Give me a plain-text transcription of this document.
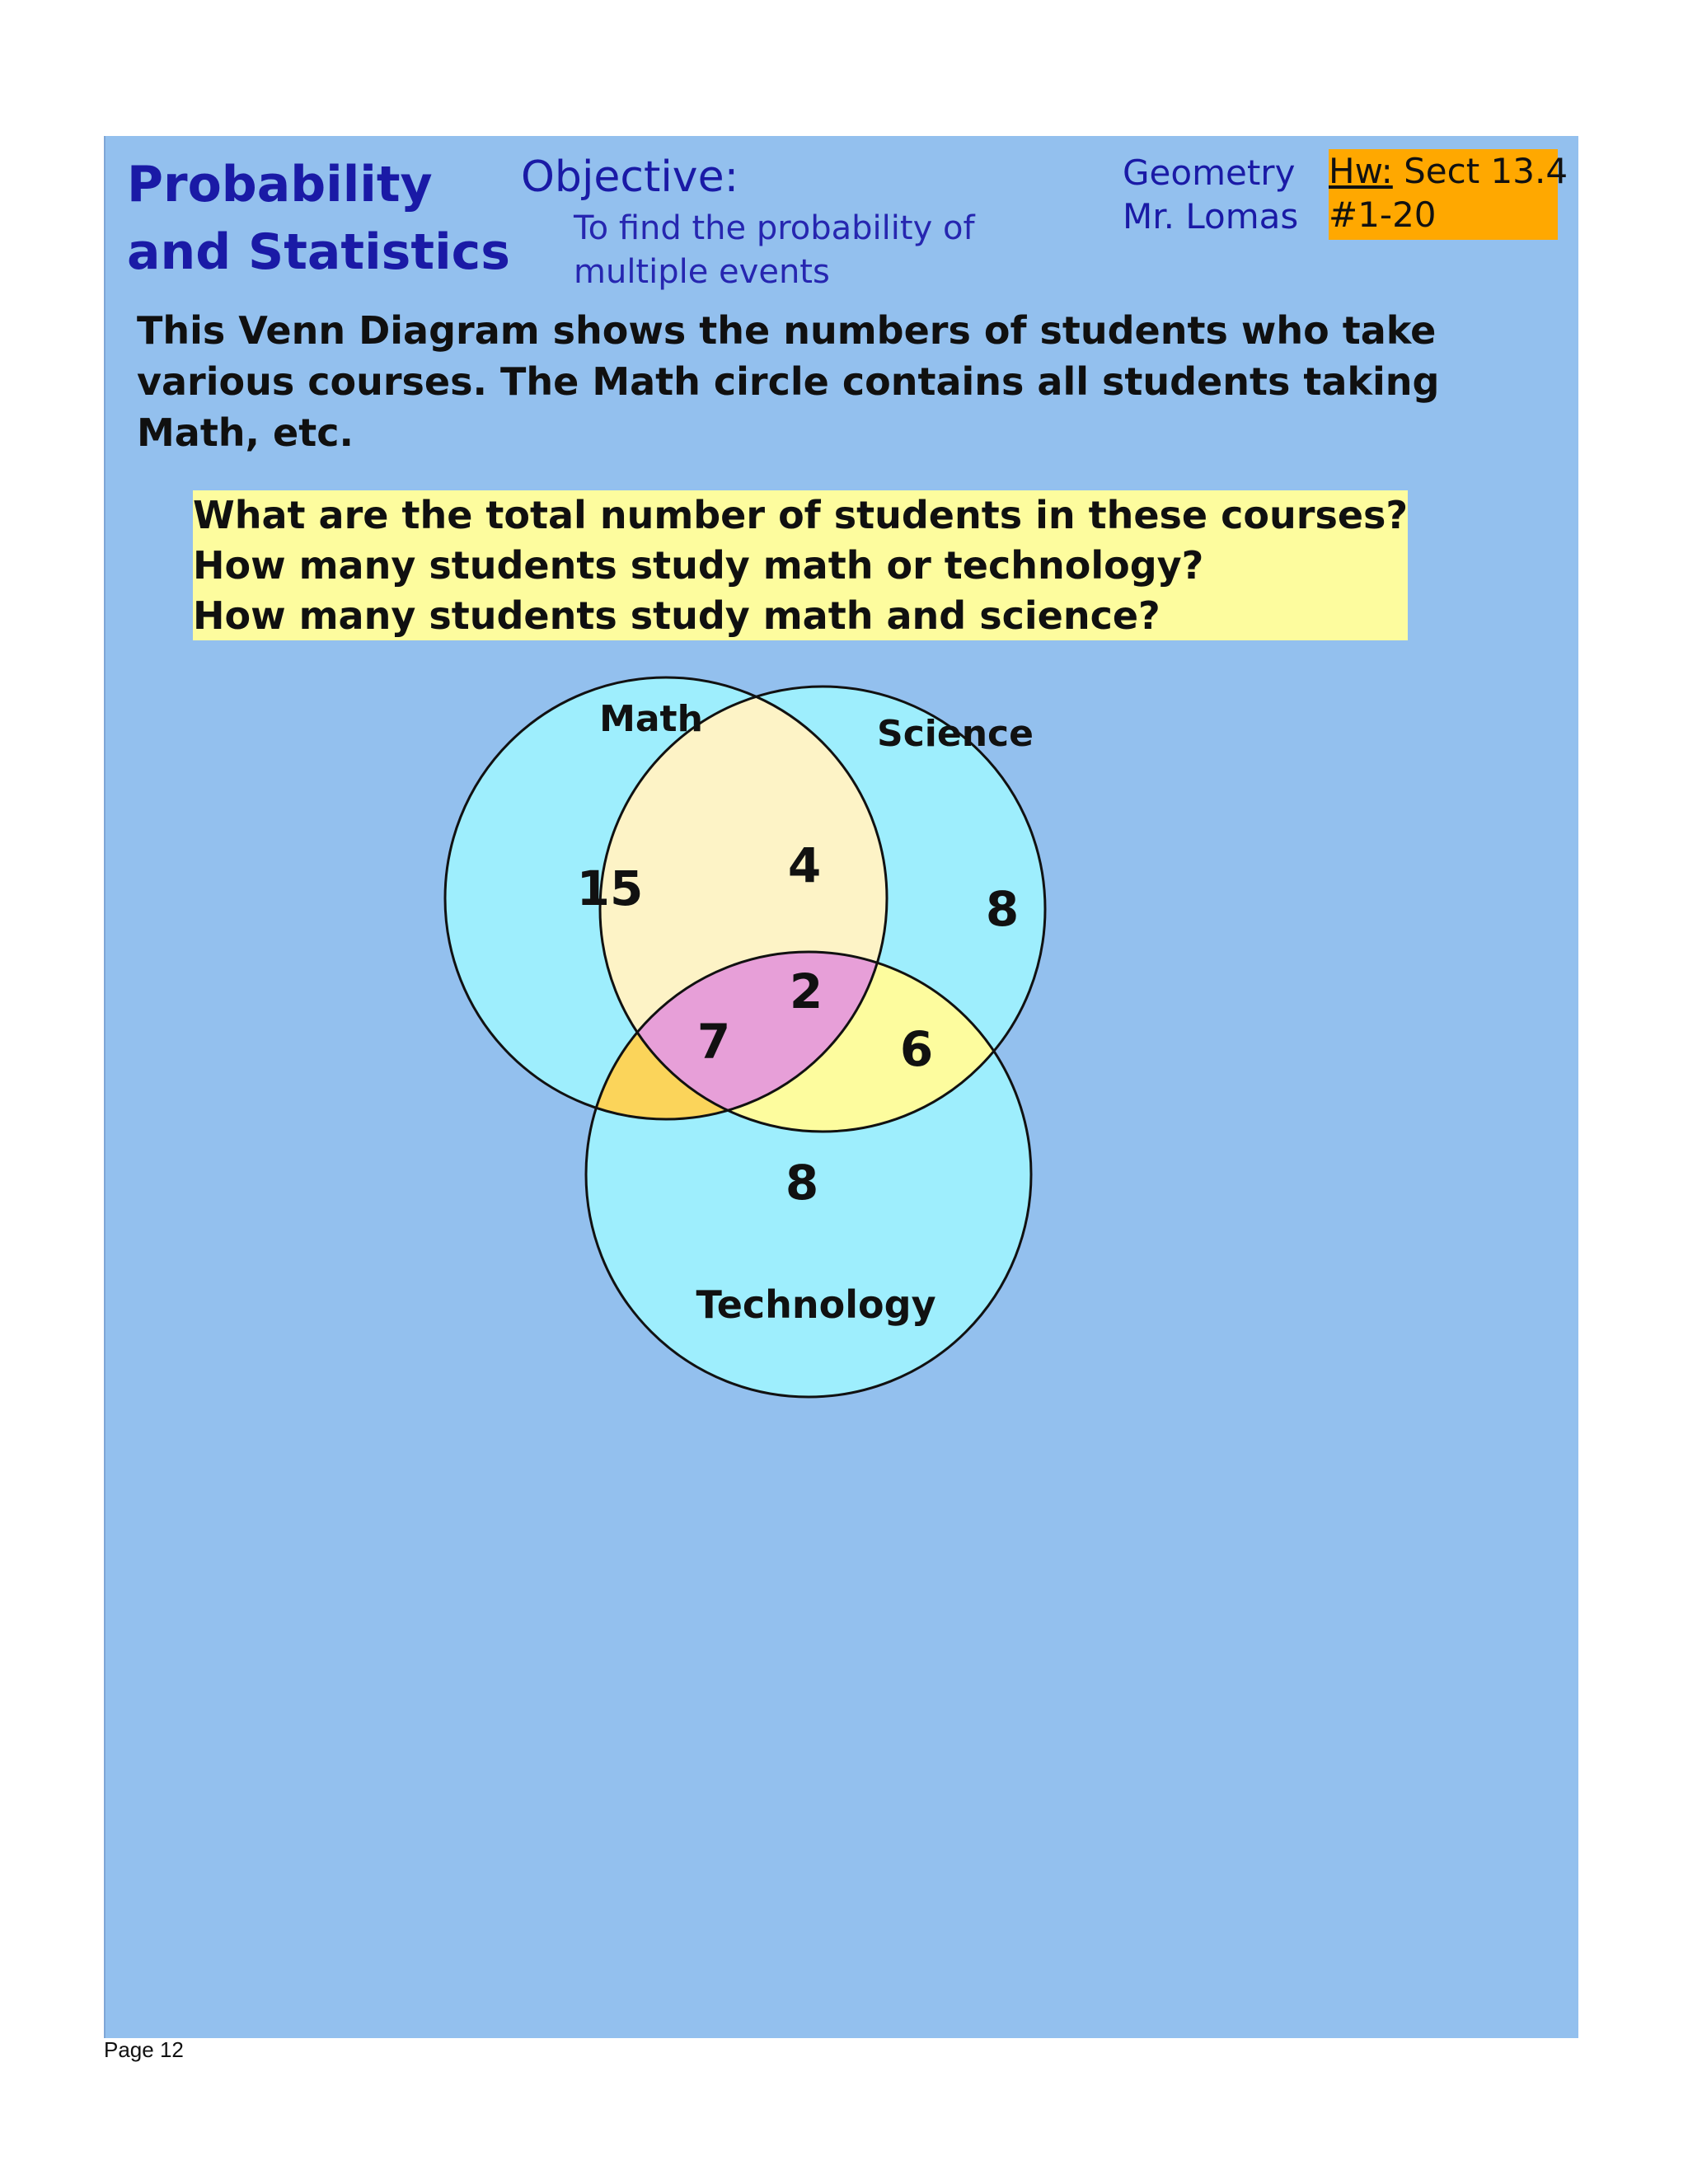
Probability
and Statistics
Objective:
To find the probability of multiple events
Geometry
Mr. Lomas
Hw: Sect 13.4
#1-20
This Venn Diagram shows the numbers of students who take various courses. The Math circle contains all students taking Math, etc.
What are the total number of students in these courses?
How many students study math or technology?
How many students study math and science?
Math	Science
Technology
15	4
8
2
7	6
8
Page 12
